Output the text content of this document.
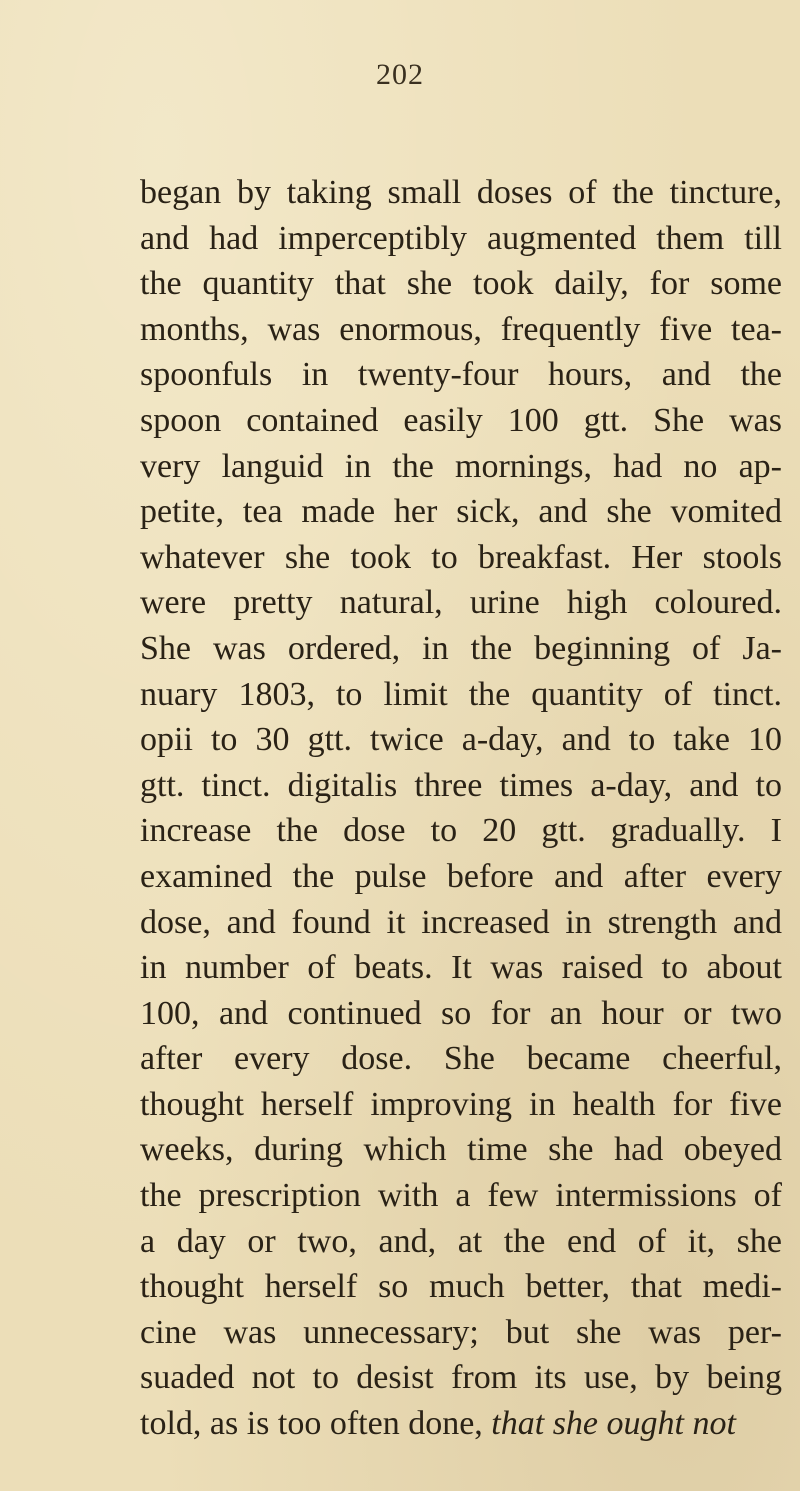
202
began by taking small doses of the tincture,
and had imperceptibly augmented them till
the quantity that she took daily, for some
months, was enormous, frequently five tea-
spoonfuls in twenty-four hours, and the
spoon contained easily 100 gtt. She was
very languid in the mornings, had no ap-
petite, tea made her sick, and she vomited
whatever she took to breakfast. Her stools
were pretty natural, urine high coloured.
She was ordered, in the beginning of Ja-
nuary 1803, to limit the quantity of tinct.
opii to 30 gtt. twice a-day, and to take 10
gtt. tinct. digitalis three times a-day, and to
increase the dose to 20 gtt. gradually. I
examined the pulse before and after every
dose, and found it increased in strength and
in number of beats. It was raised to about
100, and continued so for an hour or two
after every dose. She became cheerful,
thought herself improving in health for five
weeks, during which time she had obeyed
the prescription with a few intermissions of
a day or two, and, at the end of it, she
thought herself so much better, that medi-
cine was unnecessary; but she was per-
suaded not to desist from its use, by being
told, as is too often done, that she ought not
